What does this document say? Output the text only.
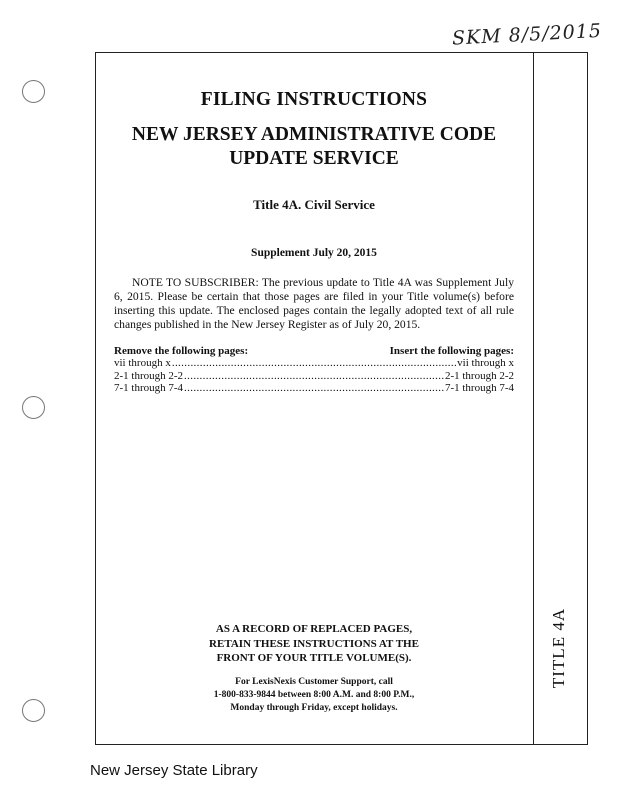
SKM 8/5/2015
TITLE 4A
FILING INSTRUCTIONS
NEW JERSEY ADMINISTRATIVE CODE
UPDATE SERVICE
Title 4A. Civil Service
Supplement July 20, 2015

NOTE TO SUBSCRIBER: The previous update to Title 4A was Supplement July 6, 2015. Please be certain that those pages are filed in your Title volume(s) before inserting this update. The enclosed pages contain the legally adopted text of all rule changes published in the New Jersey Register as of July 20, 2015.

Remove the following pages:	Insert the following pages:
vii through x . . .	vii through x
2-1 through 2-2 . . .	2-1 through 2-2
7-1 through 7-4 . . .	7-1 through 7-4
AS A RECORD OF REPLACED PAGES,
RETAIN THESE INSTRUCTIONS AT THE
FRONT OF YOUR TITLE VOLUME(S).
For LexisNexis Customer Support, call
1-800-833-9844 between 8:00 A.M. and 8:00 P.M.,
Monday through Friday, except holidays.
New Jersey State Library
